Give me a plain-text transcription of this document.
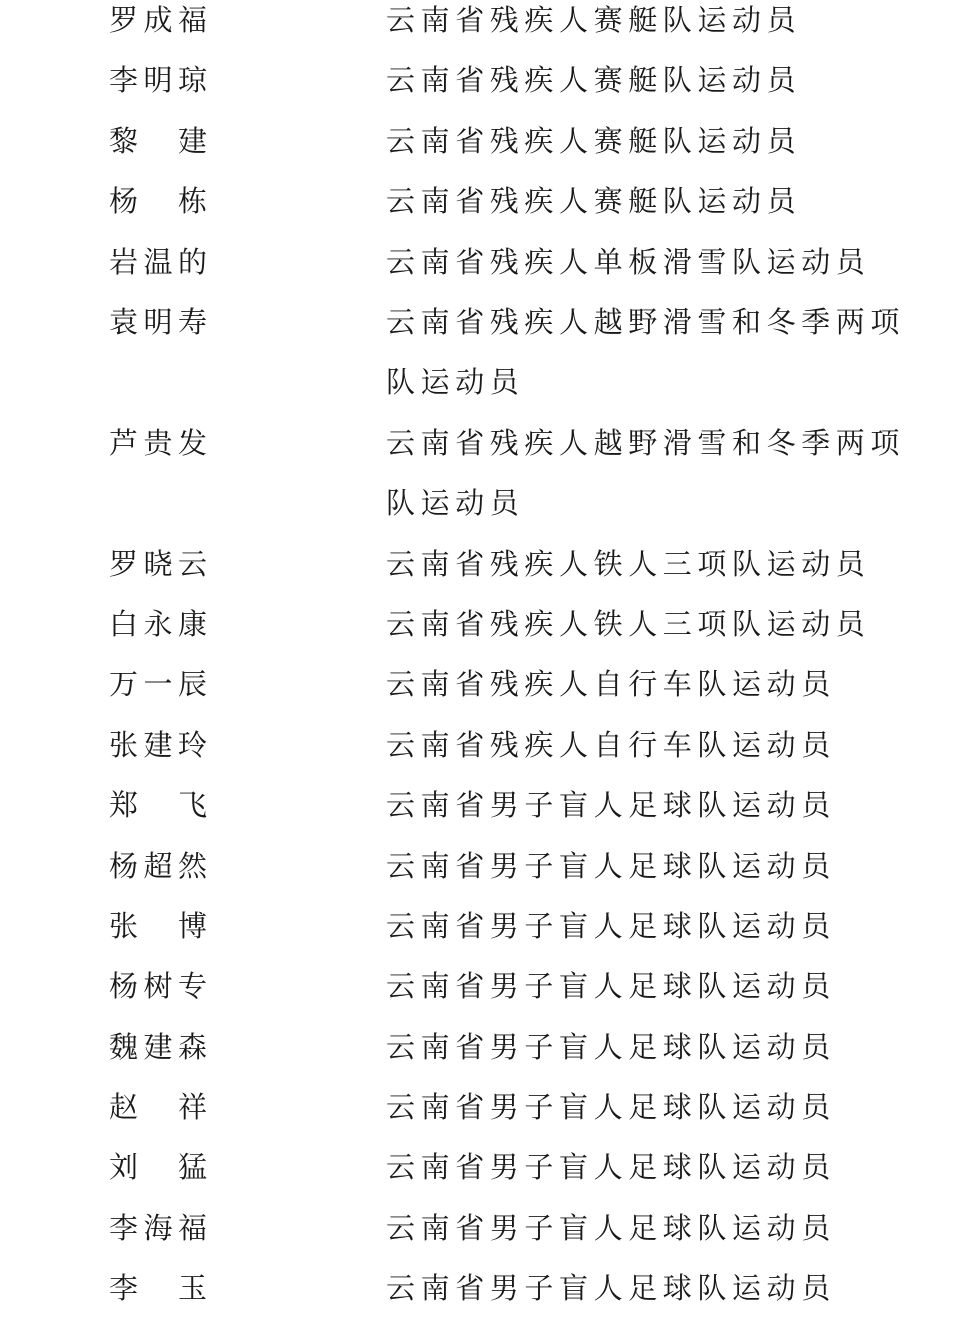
罗 成 福	云南省残疾人赛艇队运动员
李 明 琼	云南省残疾人赛艇队运动员
黎 建	云南省残疾人赛艇队运动员
杨 栋	云南省残疾人赛艇队运动员
岩 温 的	云南省残疾人单板滑雪队运动员
袁 明 寿	云南省残疾人越野滑雪和冬季两项队运动员
芦 贵 发	云南省残疾人越野滑雪和冬季两项队运动员
罗 晓 云	云南省残疾人铁人三项队运动员
白 永 康	云南省残疾人铁人三项队运动员
万 一 辰	云南省残疾人自行车队运动员
张 建 玲	云南省残疾人自行车队运动员
郑 飞	云南省男子盲人足球队运动员
杨 超 然	云南省男子盲人足球队运动员
张 博	云南省男子盲人足球队运动员
杨 树 专	云南省男子盲人足球队运动员
魏 建 森	云南省男子盲人足球队运动员
赵 祥	云南省男子盲人足球队运动员
刘 猛	云南省男子盲人足球队运动员
李 海 福	云南省男子盲人足球队运动员
李 玉	云南省男子盲人足球队运动员
